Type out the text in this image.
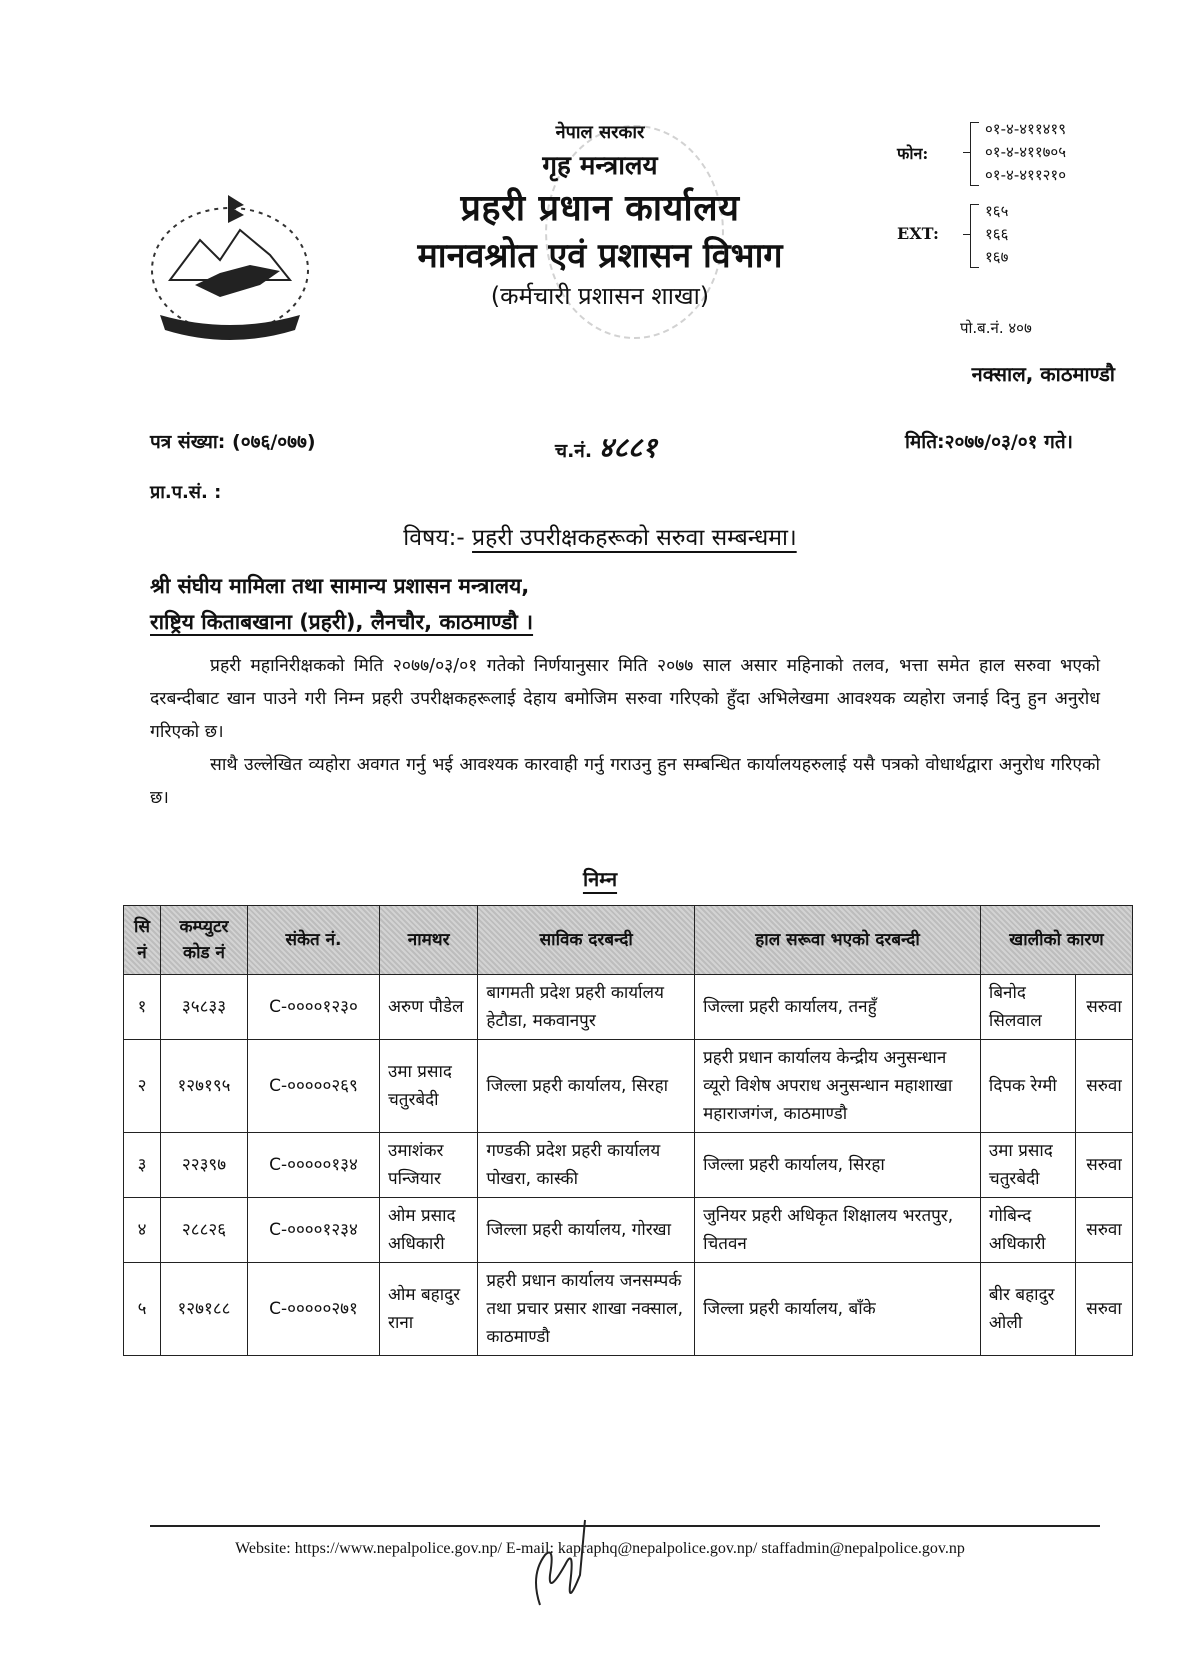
नेपाल सरकार
गृह मन्त्रालय
प्रहरी प्रधान कार्यालय
मानवश्रोत एवं प्रशासन विभाग
(कर्मचारी प्रशासन शाखा)
फोन:
०१-४-४११४१९
०१-४-४११७०५
०१-४-४११२१०
EXT:
१६५
१६६
१६७
पो.ब.नं. ४०७
नक्साल, काठमाण्डौ
पत्र संख्या: (०७६/०७७)	च.नं. ४८८१	मिति:२०७७/०३/०१ गते।
प्रा.प.सं. :
विषय:- प्रहरी उपरीक्षकहरूको सरुवा सम्बन्धमा।
श्री संघीय मामिला तथा सामान्य प्रशासन मन्त्रालय,
राष्ट्रिय किताबखाना (प्रहरी), लैनचौर, काठमाण्डौ ।

प्रहरी महानिरीक्षकको मिति २०७७/०३/०१ गतेको निर्णयानुसार मिति २०७७ साल असार महिनाको तलव, भत्ता समेत हाल सरुवा भएको दरबन्दीबाट खान पाउने गरी निम्न प्रहरी उपरीक्षकहरूलाई देहाय बमोजिम सरुवा गरिएको हुँदा अभिलेखमा आवश्यक व्यहोरा जनाई दिनु हुन अनुरोध गरिएको छ।

साथै उल्लेखित व्यहोरा अवगत गर्नु भई आवश्यक कारवाही गर्नु गराउनु हुन सम्बन्धित कार्यालयहरुलाई यसै पत्रको वोधार्थद्वारा अनुरोध गरिएको छ।

निम्न
सि नं	कम्प्युटर कोड नं	संकेत नं.	नामथर	साविक दरबन्दी	हाल सरूवा भएको दरबन्दी	खालीको कारण	
१	३५८३३	C-००००१२३०	अरुण पौडेल	बागमती प्रदेश प्रहरी कार्यालय हेटौडा, मकवानपुर	जिल्ला प्रहरी कार्यालय, तनहुँ	बिनोद सिलवाल	सरुवा
२	१२७१९५	C-०००००२६९	उमा प्रसाद चतुरबेदी	जिल्ला प्रहरी कार्यालय, सिरहा	प्रहरी प्रधान कार्यालय केन्द्रीय अनुसन्धान व्यूरो विशेष अपराध अनुसन्धान महाशाखा महाराजगंज, काठमाण्डौ	दिपक रेग्मी	सरुवा
३	२२३९७	C-०००००१३४	उमाशंकर पन्जियार	गण्डकी प्रदेश प्रहरी कार्यालय पोखरा, कास्की	जिल्ला प्रहरी कार्यालय, सिरहा	उमा प्रसाद चतुरबेदी	सरुवा
४	२८८२६	C-००००१२३४	ओम प्रसाद अधिकारी	जिल्ला प्रहरी कार्यालय, गोरखा	जुनियर प्रहरी अधिकृत शिक्षालय भरतपुर, चितवन	गोबिन्द अधिकारी	सरुवा
५	१२७१८८	C-०००००२७१	ओम बहादुर राना	प्रहरी प्रधान कार्यालय जनसम्पर्क तथा प्रचार प्रसार शाखा नक्साल, काठमाण्डौ	जिल्ला प्रहरी कार्यालय, बाँके	बीर बहादुर ओली	सरुवा
Website: https://www.nepalpolice.gov.np/ E-mail: kapraphq@nepalpolice.gov.np/ staffadmin@nepalpolice.gov.np
